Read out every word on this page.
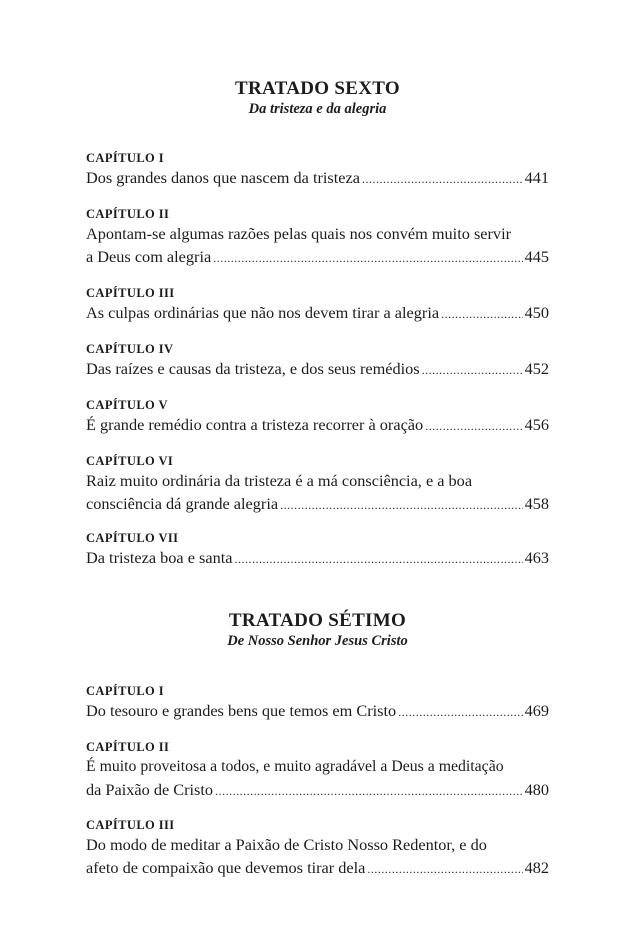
TRATADO SEXTO
Da tristeza e da alegria
CAPÍTULO I
Dos grandes danos que nascem da tristeza .....	441
CAPÍTULO II
Apontam-se algumas razões pelas quais nos convém muito servir
a Deus com alegria .....	445
CAPÍTULO III
As culpas ordinárias que não nos devem tirar a alegria .....	450
CAPÍTULO IV
Das raízes e causas da tristeza, e dos seus remédios .....	452
CAPÍTULO V
É grande remédio contra a tristeza recorrer à oração .....	456
CAPÍTULO VI
Raiz muito ordinária da tristeza é a má consciência, e a boa
consciência dá grande alegria .....	458
CAPÍTULO VII
Da tristeza boa e santa .....	463
TRATADO SÉTIMO
De Nosso Senhor Jesus Cristo
CAPÍTULO I
Do tesouro e grandes bens que temos em Cristo .....	469
CAPÍTULO II
É muito proveitosa a todos, e muito agradável a Deus a meditação
da Paixão de Cristo .....	480
CAPÍTULO III
Do modo de meditar a Paixão de Cristo Nosso Redentor, e do
afeto de compaixão que devemos tirar dela .....	482
